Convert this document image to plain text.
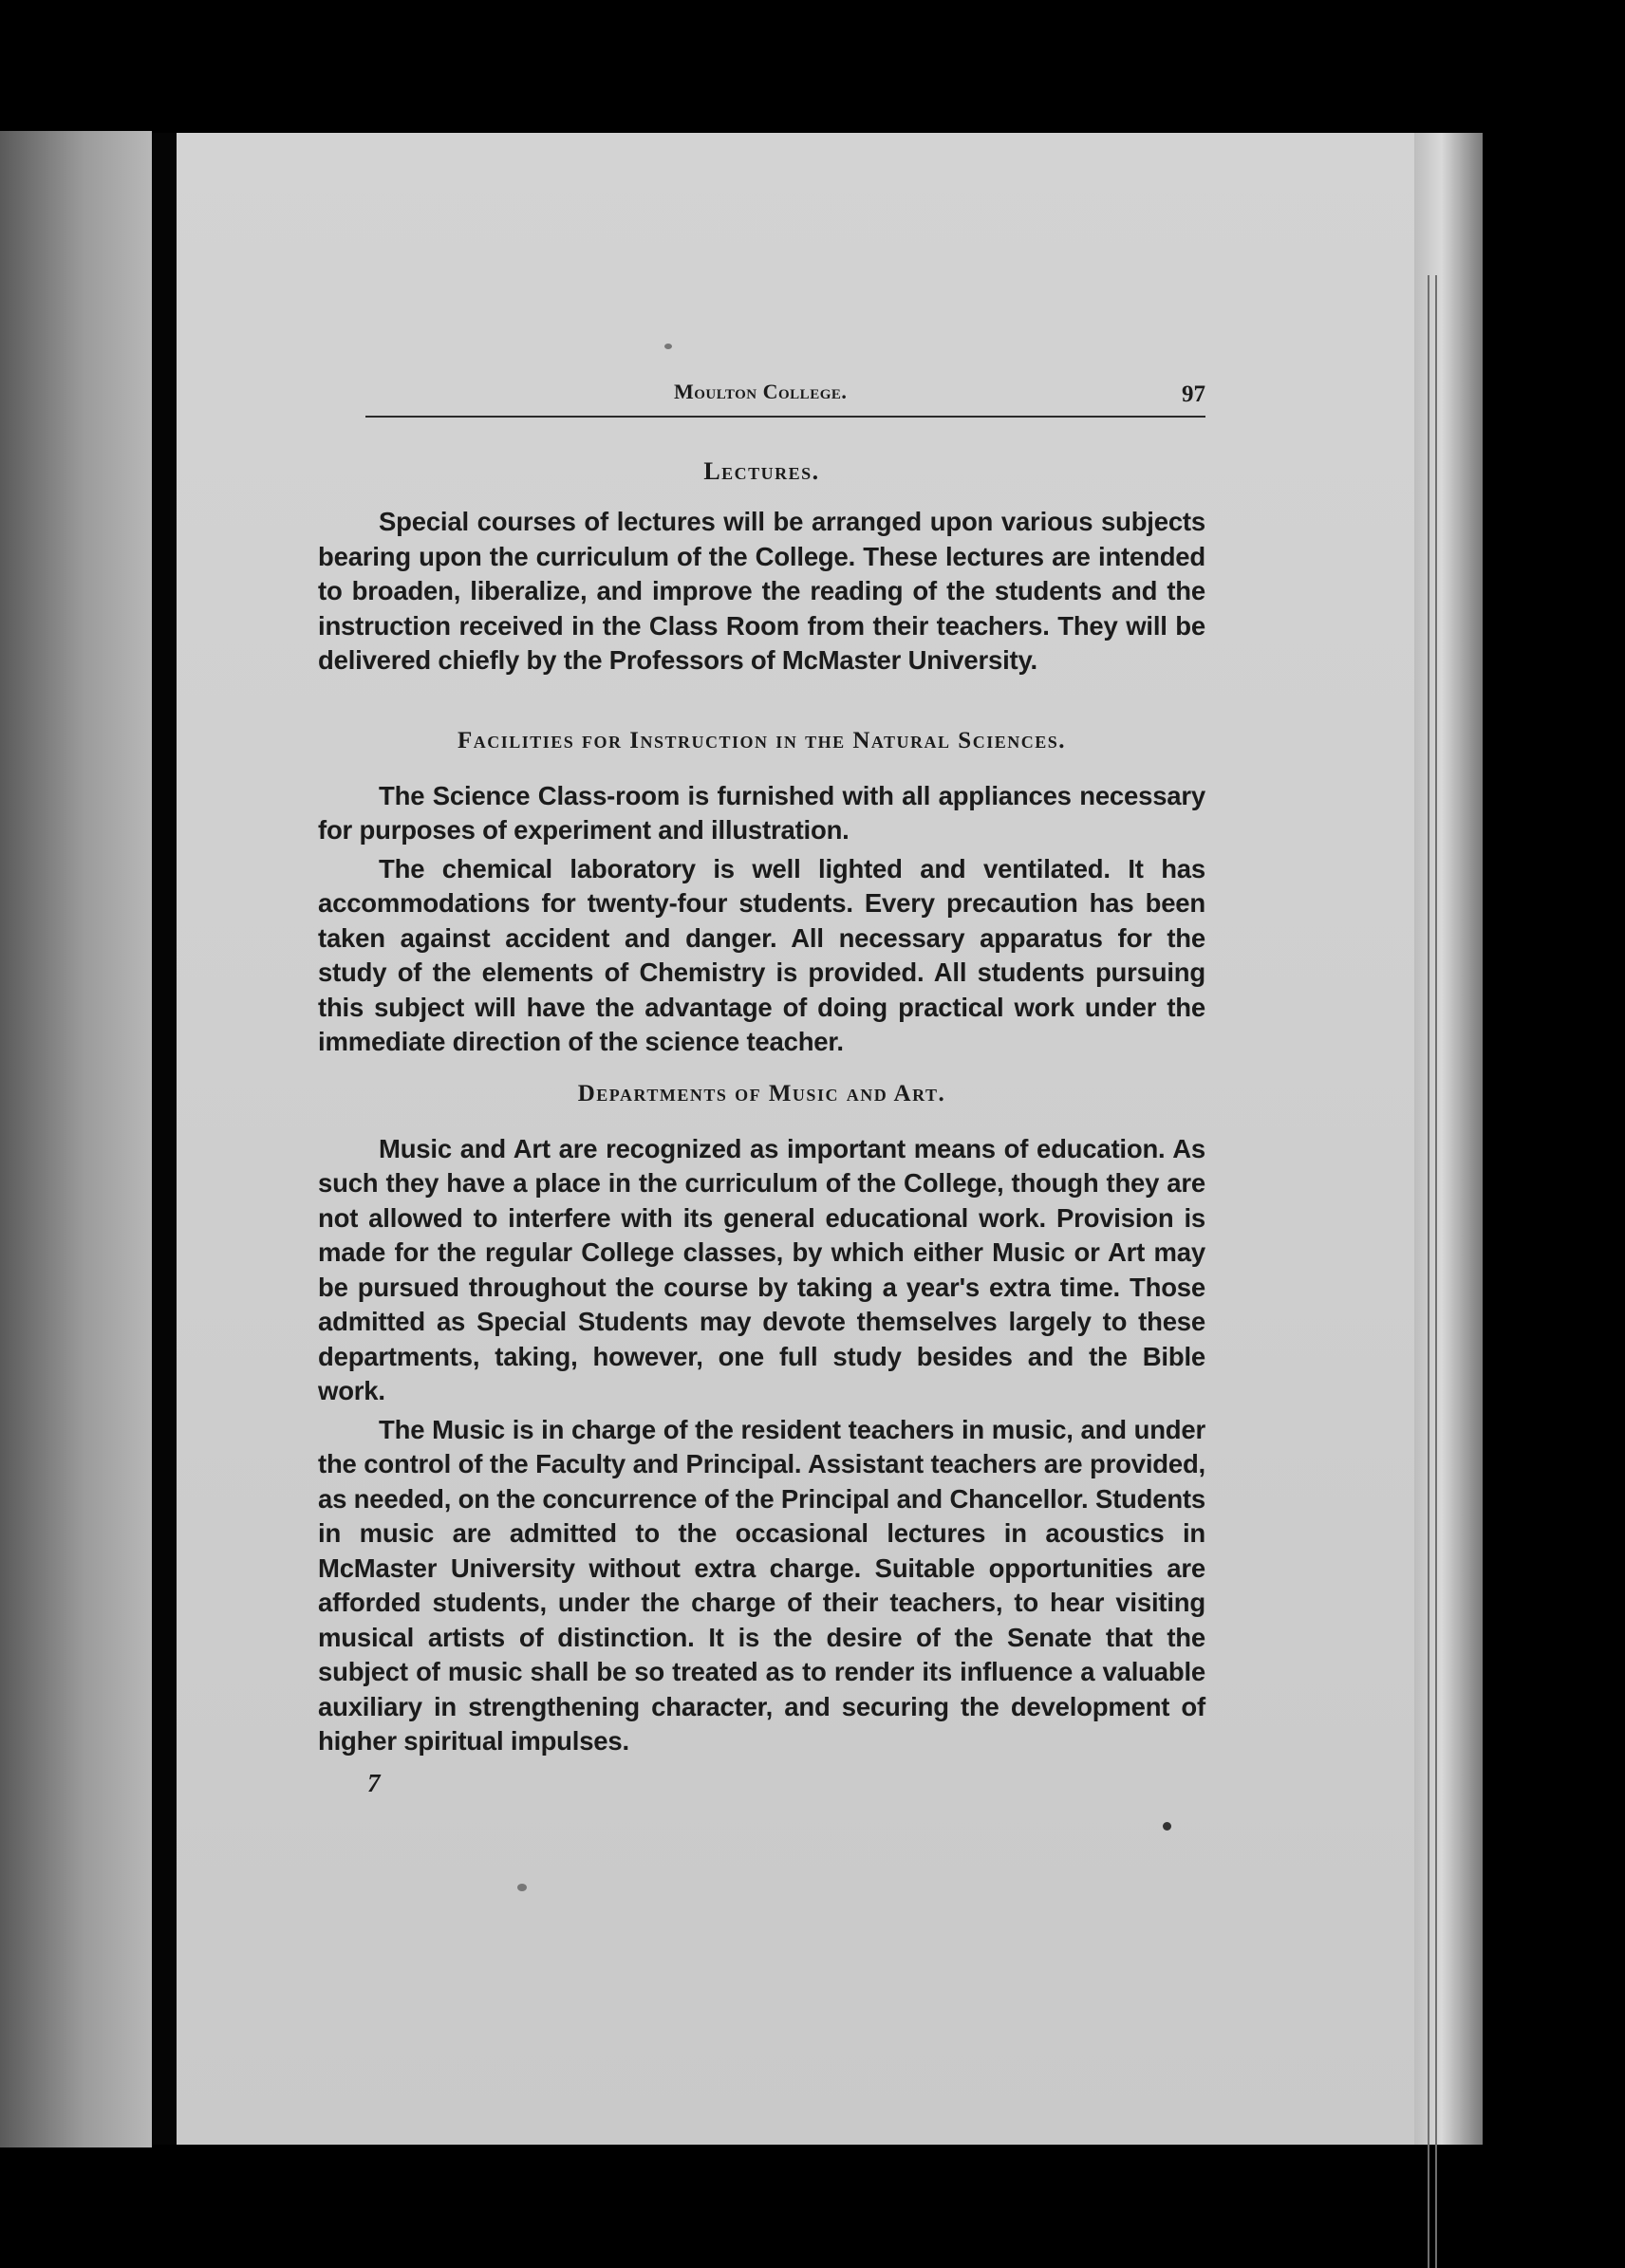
Moulton College.	97
Lectures.

Special courses of lectures will be arranged upon various subjects bearing upon the curriculum of the College. These lectures are intended to broaden, liberalize, and improve the reading of the students and the instruction received in the Class Room from their teachers. They will be delivered chiefly by the Professors of McMaster University.

Facilities for Instruction in the Natural Sciences.

The Science Class-room is furnished with all appliances necessary for purposes of experiment and illustration.

The chemical laboratory is well lighted and ventilated. It has accommodations for twenty-four students. Every precaution has been taken against accident and danger. All necessary apparatus for the study of the elements of Chemistry is provided. All students pursuing this subject will have the advantage of doing practical work under the immediate direction of the science teacher.

Departments of Music and Art.

Music and Art are recognized as important means of education. As such they have a place in the curriculum of the College, though they are not allowed to interfere with its general educational work. Provision is made for the regular College classes, by which either Music or Art may be pursued throughout the course by taking a year's extra time. Those admitted as Special Students may devote themselves largely to these departments, taking, however, one full study besides and the Bible work.

The Music is in charge of the resident teachers in music, and under the control of the Faculty and Principal. Assistant teachers are provided, as needed, on the concurrence of the Principal and Chancellor. Students in music are admitted to the occasional lectures in acoustics in McMaster University without extra charge. Suitable opportunities are afforded students, under the charge of their teachers, to hear visiting musical artists of distinction. It is the desire of the Senate that the subject of music shall be so treated as to render its influence a valuable auxiliary in strengthening character, and securing the development of higher spiritual impulses.

7
